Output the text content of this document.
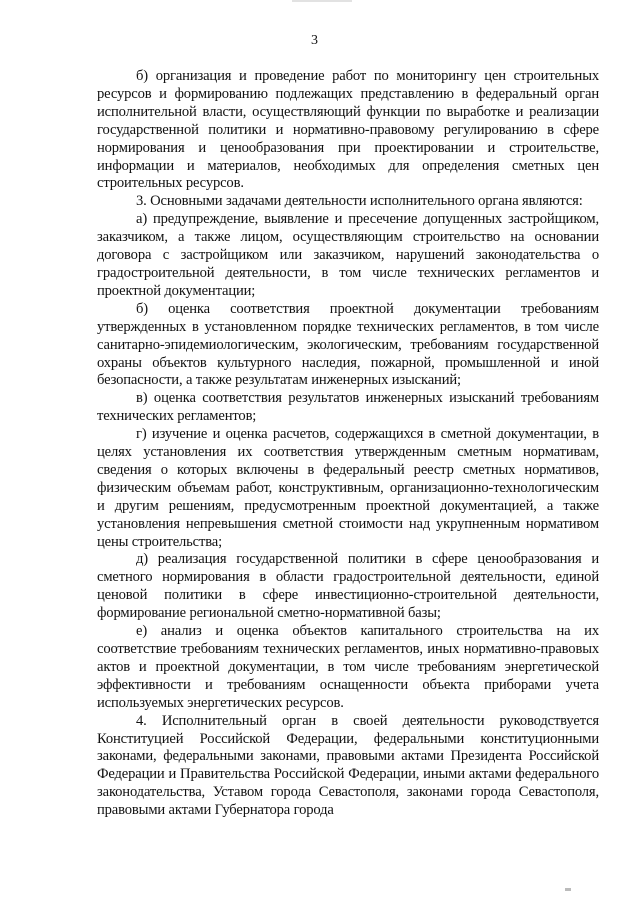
3

б) организация и проведение работ по мониторингу цен строительных ресурсов и формированию подлежащих представлению в федеральный орган исполнительной власти, осуществляющий функции по выработке и реализации государственной политики и нормативно-правовому регулированию в сфере нормирования и ценообразования при проектировании и строительстве, информации и материалов, необходимых для определения сметных цен строительных ресурсов.

3. Основными задачами деятельности исполнительного органа являются:

а) предупреждение, выявление и пресечение допущенных застройщиком, заказчиком, а также лицом, осуществляющим строительство на основании договора с застройщиком или заказчиком, нарушений законодательства о градостроительной деятельности, в том числе технических регламентов и проектной документации;

б) оценка соответствия проектной документации требованиям утвержденных в установленном порядке технических регламентов, в том числе санитарно-эпидемиологическим, экологическим, требованиям государственной охраны объектов культурного наследия, пожарной, промышленной и иной безопасности, а также результатам инженерных изысканий;

в) оценка соответствия результатов инженерных изысканий требованиям технических регламентов;

г) изучение и оценка расчетов, содержащихся в сметной документации, в целях установления их соответствия утвержденным сметным нормативам, сведения о которых включены в федеральный реестр сметных нормативов, физическим объемам работ, конструктивным, организационно-технологическим и другим решениям, предусмотренным проектной документацией, а также установления непревышения сметной стоимости над укрупненным нормативом цены строительства;

д) реализация государственной политики в сфере ценообразования и сметного нормирования в области градостроительной деятельности, единой ценовой политики в сфере инвестиционно-строительной деятельности, формирование региональной сметно-нормативной базы;

е) анализ и оценка объектов капитального строительства на их соответствие требованиям технических регламентов, иных нормативно-правовых актов и проектной документации, в том числе требованиям энергетической эффективности и требованиям оснащенности объекта приборами учета используемых энергетических ресурсов.

4. Исполнительный орган в своей деятельности руководствуется Конституцией Российской Федерации, федеральными конституционными законами, федеральными законами, правовыми актами Президента Российской Федерации и Правительства Российской Федерации, иными актами федерального законодательства, Уставом города Севастополя, законами города Севастополя, правовыми актами Губернатора города
